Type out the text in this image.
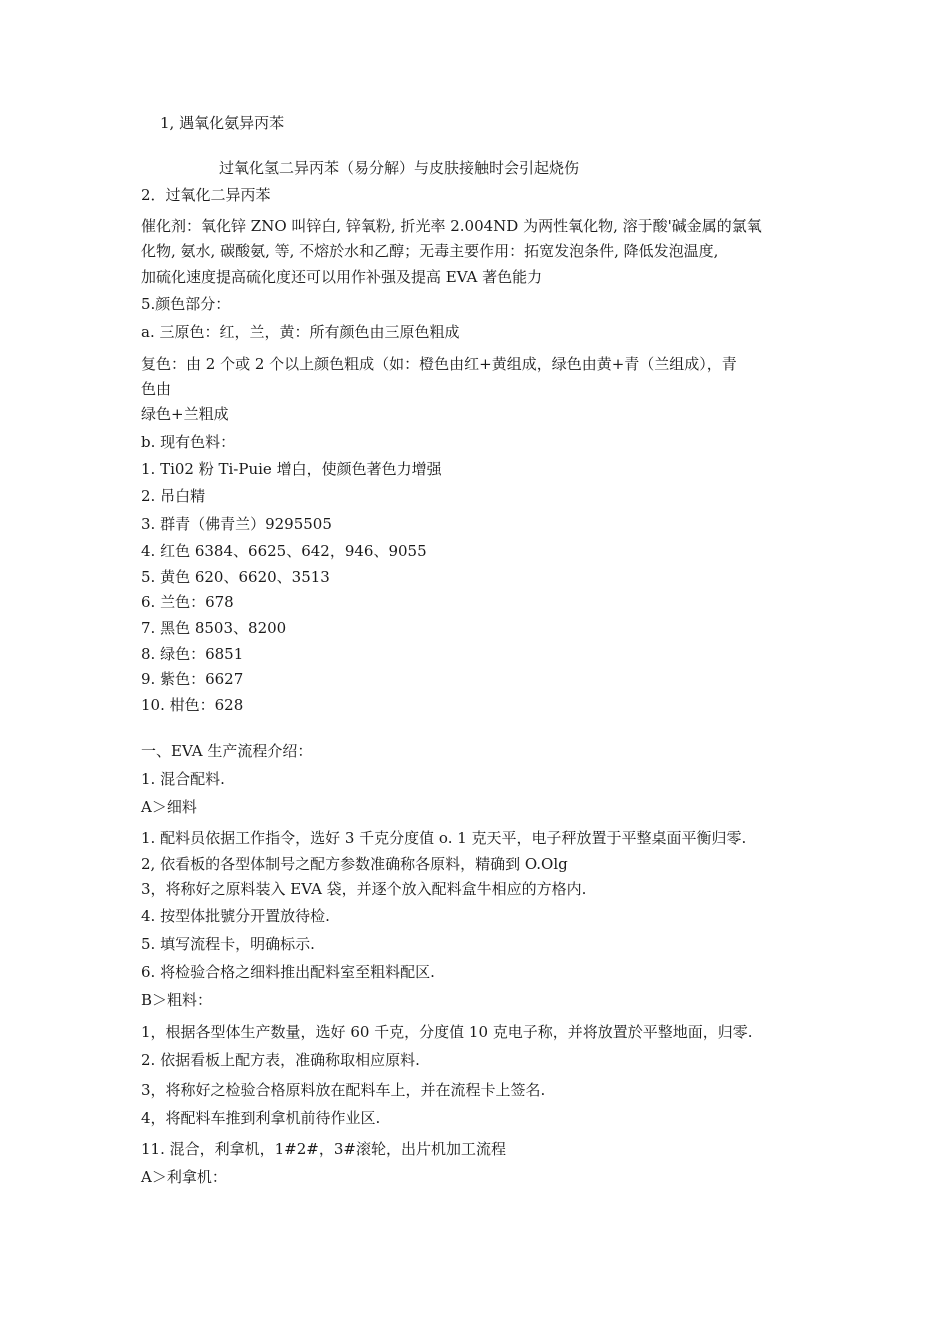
1, 遇氧化氨异丙苯
过氧化氢二异丙苯（易分解）与皮肤接触时会引起烧伤
2．过氧化二异丙苯
催化剂：氧化锌 ZNO 叫锌白, 锌氧粉, 折光率 2.004ND 为两性氧化物, 溶于酸'碱金属的氯氧
化物, 氨水, 碳酸氨, 等, 不熔於水和乙醇；无毒主要作用：拓宽发泡条件, 降低发泡温度,
加硫化速度提高硫化度还可以用作补强及提高 EVA 著色能力
5.颜色部分：
a. 三原色：红，兰，黄：所有颜色由三原色粗成
复色：由 2 个或 2 个以上颜色粗成（如：橙色由红+黄组成，绿色由黄+青（兰组成），青
色由
绿色+兰粗成
b. 现有色料：
1. Ti02 粉 Ti-Puie 增白，使颜色著色力增强
2. 吊白精
3. 群青（佛青兰）9295505
4. 红色 6384、6625、642，946、9055
5. 黄色 620、6620、3513
6. 兰色：678
7. 黑色 8503、8200
8. 绿色：6851
9. 紫色：6627
10. 柑色：628
一、EVA 生产流程介绍：
1. 混合配料.
A＞细料
1. 配料员依据工作指令，选好 3 千克分度值 o. 1 克天平，电子秤放置于平整桌面平衡归零.
2, 依看板的各型体制号之配方参数准确称各原料，精确到 O.Olg
3，将称好之原料装入 EVA 袋，并逐个放入配料盒牛相应的方格内.
4. 按型体批號分开置放待检.
5. 填写流程卡，明确标示.
6. 将检验合格之细料推出配料室至粗料配区.
B＞粗料：
1，根据各型体生产数量，选好 60 千克，分度值 10 克电子称，并将放置於平整地面，归零.
2. 依据看板上配方表，准确称取相应原料.
3，将称好之检验合格原料放在配料车上，并在流程卡上签名.
4，将配料车推到利拿机前待作业区.
11. 混合，利拿机，1#2#，3#滚轮，出片机加工流程
A＞利拿机：
